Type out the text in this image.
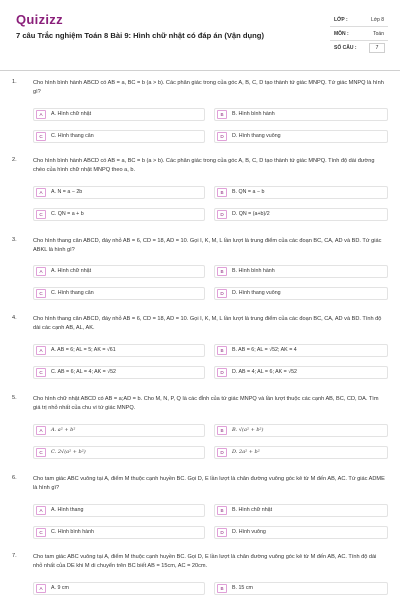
Quizizz
7 câu Trắc nghiệm Toán 8 Bài 9: Hình chữ nhật có đáp án (Vận dụng)
LỚP :	Lớp 8
MÔN :	Toán
SỐ CÂU :	7
1.	Cho hình bình hành ABCD có AB = a, BC = b (a > b). Các phân giác trong của góc A, B, C, D tạo thành tứ giác MNPQ. Tứ giác MNPQ là hình gì?
A	A. Hình chữ nhật	B	B. Hình bình hành
C	C. Hình thang cân	D	D. Hình thang vuông
2.	Cho hình bình hành ABCD có AB = a, BC = b (a > b). Các phân giác trong của góc A, B, C, D tạo thành tứ giác MNPQ. Tính độ dài đường chéo của hình chữ nhật MNPQ theo a, b.
A	A. N = a − 2b	B	B. QN = a − b
C	C. QN = a + b	D	D. QN = (a+b)/2
3.	Cho hình thang cân ABCD, đáy nhỏ AB = 6, CD = 18, AD = 10. Gọi I, K, M, L lần lượt là trung điểm của các đoạn BC, CA, AD và BD. Tứ giác ABKL là hình gì?
A	A. Hình chữ nhật	B	B. Hình bình hành
C	C. Hình thang cân	D	D. Hình thang vuông
4.	Cho hình thang cân ABCD, đáy nhỏ AB = 6, CD = 18, AD = 10. Gọi I, K, M, L lần lượt là trung điểm của các đoạn BC, CA, AD và BD. Tính độ dài các cạnh AB, AL, AK.
A	A. AB = 6; AL = 5; AK = √61	B	B. AB = 6; AL = √52; AK = 4
C	C. AB = 6; AL = 4; AK = √52	D	D. AB = 4; AL = 6; AK = √52
5.	Cho hình chữ nhật ABCD có AB = a;AD = b. Cho M, N, P, Q là các đỉnh của tứ giác MNPQ và lần lượt thuộc các cạnh AB, BC, CD, DA. Tìm giá trị nhỏ nhất của chu vi tứ giác MNPQ.
A	A. a² + b²	B	B. √(a² + b²)
C	C. 2√(a² + b²)	D	D. 2a² + b²
6.	Cho tam giác ABC vuông tại A, điểm M thuộc cạnh huyền BC. Gọi D, E lần lượt là chân đường vuông góc kẻ từ M đến AB, AC. Tứ giác ADME là hình gì?
A	A. Hình thang	B	B. Hình chữ nhật
C	C. Hình bình hành	D	D. Hình vuông
7.	Cho tam giác ABC vuông tại A, điểm M thuộc cạnh huyền BC. Gọi D, E lần lượt là chân đường vuông góc kẻ từ M đến AB, AC. Tính độ dài nhỏ nhất của DE khi M di chuyển trên BC biết AB = 15cm, AC = 20cm.
A	A. 9 cm	B	B. 15 cm
